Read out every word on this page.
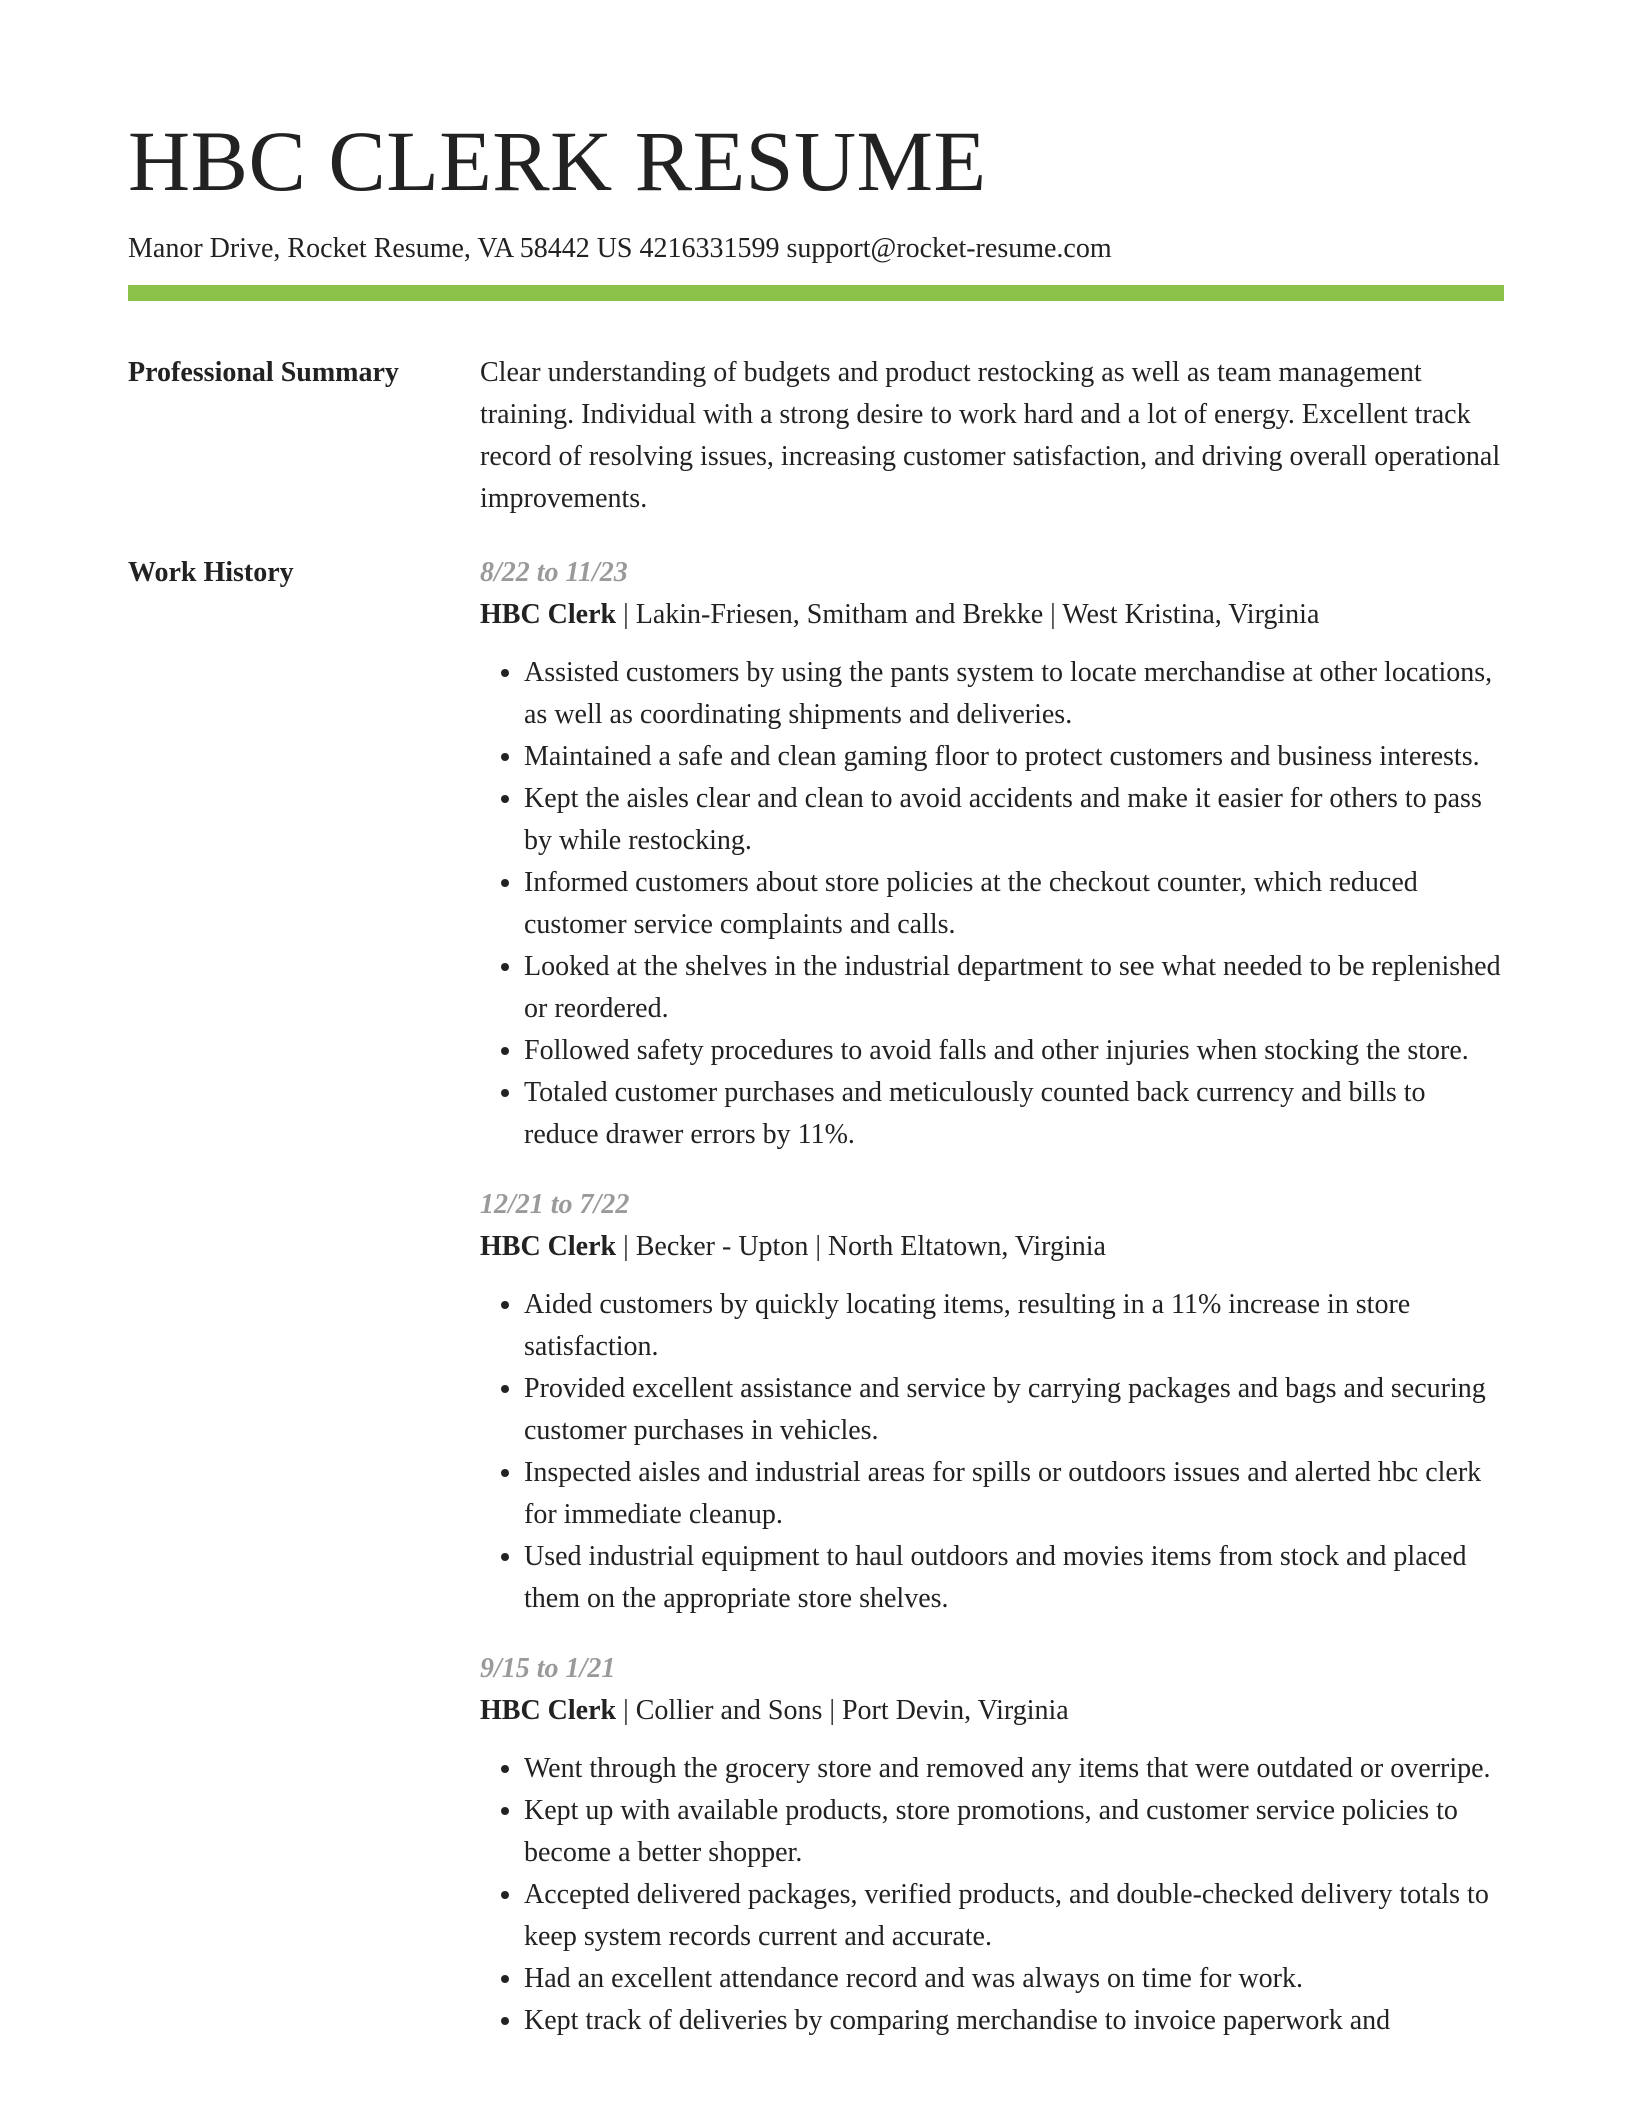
HBC CLERK RESUME
Manor Drive, Rocket Resume, VA 58442 US 4216331599 support@rocket-resume.com
Professional Summary	Clear understanding of budgets and product restocking as well as team management training. Individual with a strong desire to work hard and a lot of energy. Excellent track record of resolving issues, increasing customer satisfaction, and driving overall operational improvements.

Work History	8/22 to 11/23
HBC Clerk | Lakin-Friesen, Smitham and Brekke | West Kristina, Virginia
• Assisted customers by using the pants system to locate merchandise at other locations, as well as coordinating shipments and deliveries.
• Maintained a safe and clean gaming floor to protect customers and business interests.
• Kept the aisles clear and clean to avoid accidents and make it easier for others to pass by while restocking.
• Informed customers about store policies at the checkout counter, which reduced customer service complaints and calls.
• Looked at the shelves in the industrial department to see what needed to be replenished or reordered.
• Followed safety procedures to avoid falls and other injuries when stocking the store.
• Totaled customer purchases and meticulously counted back currency and bills to reduce drawer errors by 11%.
12/21 to 7/22
HBC Clerk | Becker - Upton | North Eltatown, Virginia
• Aided customers by quickly locating items, resulting in a 11% increase in store satisfaction.
• Provided excellent assistance and service by carrying packages and bags and securing customer purchases in vehicles.
• Inspected aisles and industrial areas for spills or outdoors issues and alerted hbc clerk for immediate cleanup.
• Used industrial equipment to haul outdoors and movies items from stock and placed them on the appropriate store shelves.
9/15 to 1/21
HBC Clerk | Collier and Sons | Port Devin, Virginia
• Went through the grocery store and removed any items that were outdated or overripe.
• Kept up with available products, store promotions, and customer service policies to become a better shopper.
• Accepted delivered packages, verified products, and double-checked delivery totals to keep system records current and accurate.
• Had an excellent attendance record and was always on time for work.
• Kept track of deliveries by comparing merchandise to invoice paperwork and
